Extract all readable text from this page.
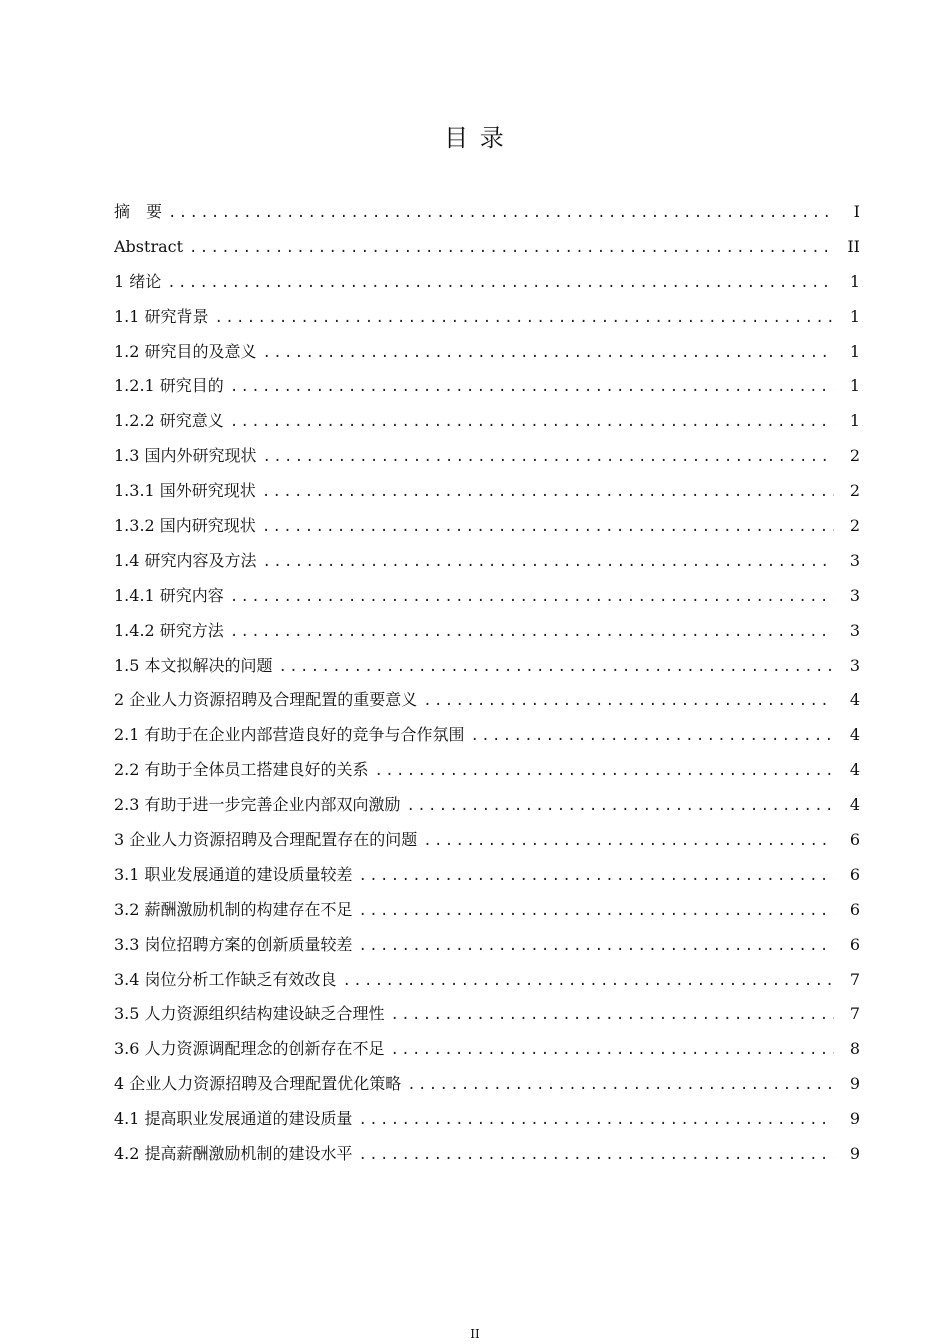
目 录
摘　要 .....	I
Abstract .....	II
1 绪论 .....	1
1.1 研究背景 .....	1
1.2 研究目的及意义 .....	1
1.2.1 研究目的 .....	1
1.2.2 研究意义 .....	1
1.3 国内外研究现状 .....	2
1.3.1 国外研究现状 .....	2
1.3.2 国内研究现状 .....	2
1.4 研究内容及方法 .....	3
1.4.1 研究内容 .....	3
1.4.2 研究方法 .....	3
1.5 本文拟解决的问题 .....	3
2 企业人力资源招聘及合理配置的重要意义 .....	4
2.1 有助于在企业内部营造良好的竞争与合作氛围 .....	4
2.2 有助于全体员工搭建良好的关系 .....	4
2.3 有助于进一步完善企业内部双向激励 .....	4
3 企业人力资源招聘及合理配置存在的问题 .....	6
3.1 职业发展通道的建设质量较差 .....	6
3.2 薪酬激励机制的构建存在不足 .....	6
3.3 岗位招聘方案的创新质量较差 .....	6
3.4 岗位分析工作缺乏有效改良 .....	7
3.5 人力资源组织结构建设缺乏合理性 .....	7
3.6 人力资源调配理念的创新存在不足 .....	8
4 企业人力资源招聘及合理配置优化策略 .....	9
4.1 提高职业发展通道的建设质量 .....	9
4.2 提高薪酬激励机制的建设水平 .....	9
II
